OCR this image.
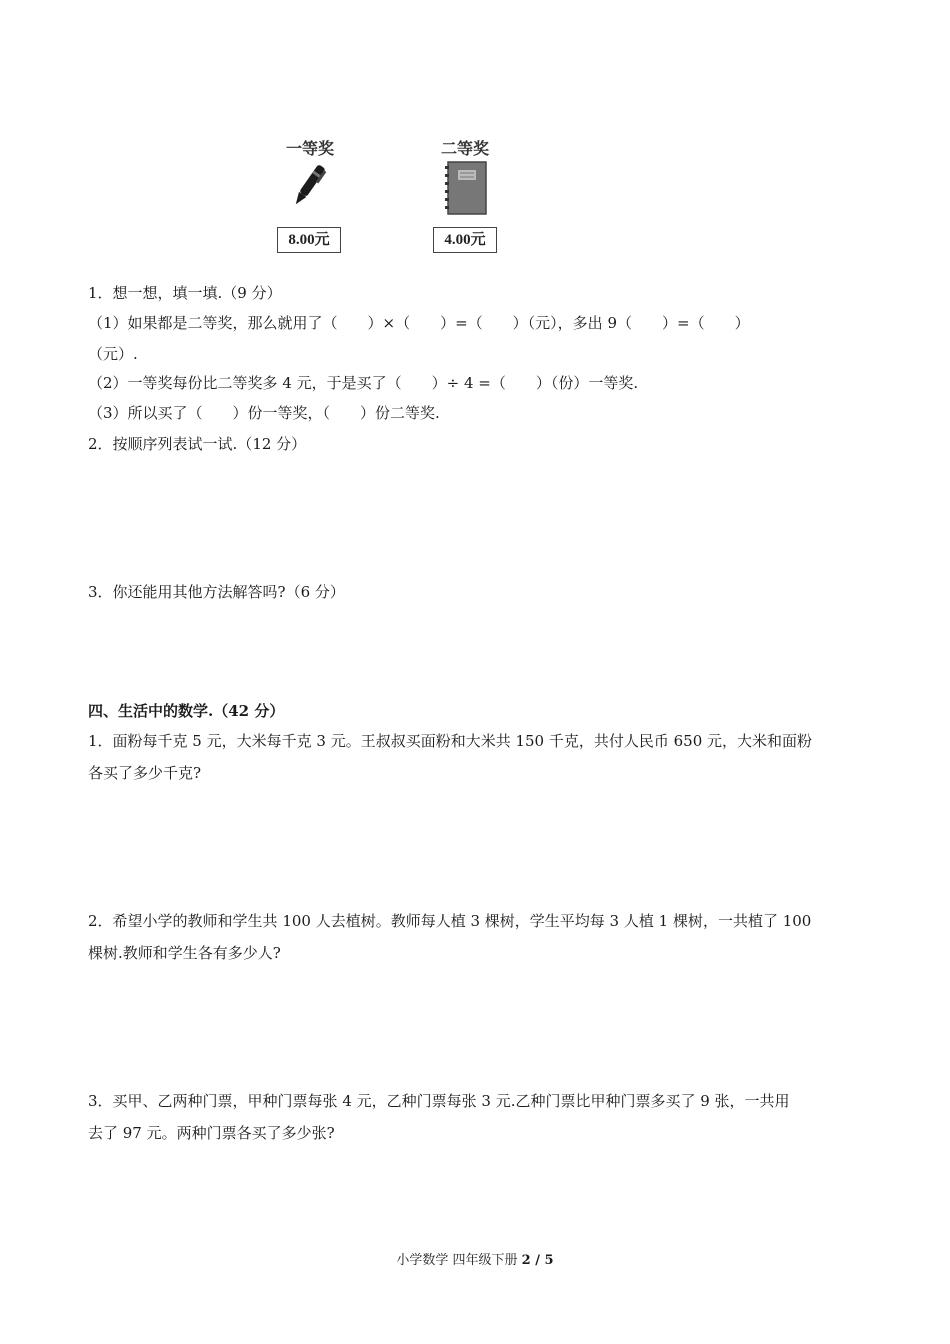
一等奖
8.00元
二等奖
4.00元
1．想一想，填一填.（9 分）
（1）如果都是二等奖，那么就用了（　　）×（　　）=（　　）（元），多出 9（　　）=（　　）
（元）.
（2）一等奖每份比二等奖多 4 元，于是买了（　　）÷ 4 =（　　）（份）一等奖.
（3）所以买了（　　）份一等奖，（　　）份二等奖.
2．按顺序列表试一试.（12 分）
3．你还能用其他方法解答吗?（6 分）
四、生活中的数学.（42 分）
1．面粉每千克 5 元，大米每千克 3 元。王叔叔买面粉和大米共 150 千克，共付人民币 650 元，大米和面粉
各买了多少千克?
2．希望小学的教师和学生共 100 人去植树。教师每人植 3 棵树，学生平均每 3 人植 1 棵树，一共植了 100
棵树.教师和学生各有多少人?
3．买甲、乙两种门票，甲种门票每张 4 元，乙种门票每张 3 元.乙种门票比甲种门票多买了 9 张，一共用
去了 97 元。两种门票各买了多少张?
小学数学 四年级下册 2 / 5
